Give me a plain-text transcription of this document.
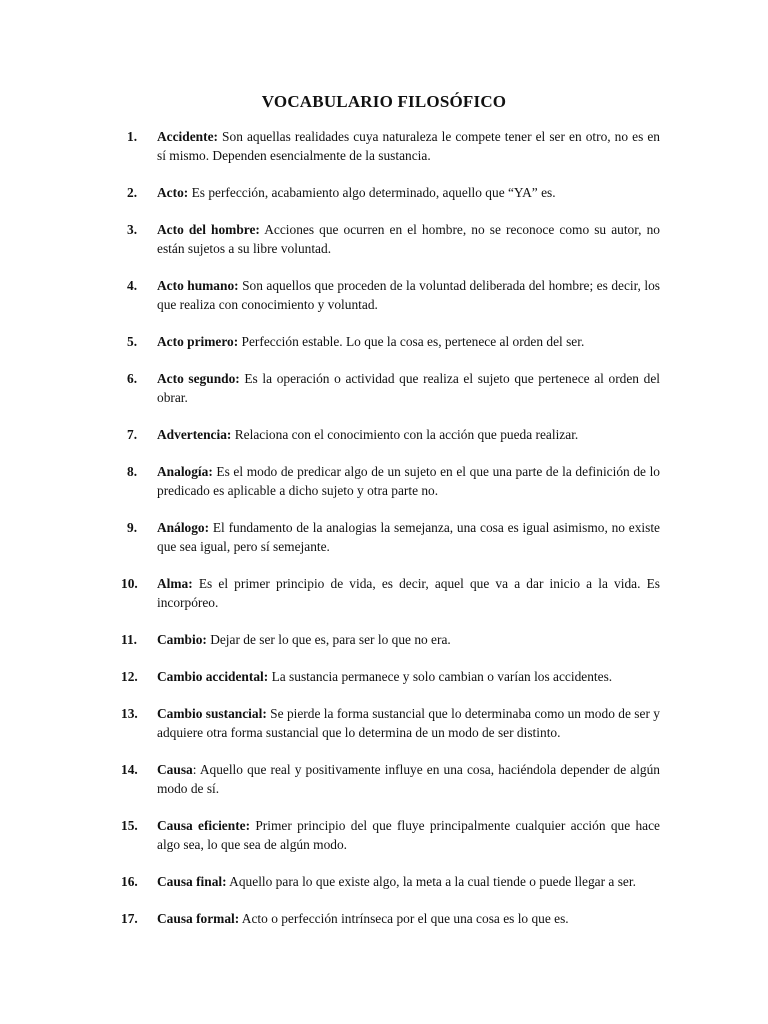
VOCABULARIO FILOSÓFICO
1.	Accidente: Son aquellas realidades cuya naturaleza le compete tener el ser en otro, no es en sí mismo. Dependen esencialmente de la sustancia.
2.	Acto: Es perfección, acabamiento algo determinado, aquello que “YA” es.
3.	Acto del hombre: Acciones que ocurren en el hombre, no se reconoce como su autor, no están sujetos a su libre voluntad.
4.	Acto humano: Son aquellos que proceden de la voluntad deliberada del hombre; es decir, los que realiza con conocimiento y voluntad.
5.	Acto primero: Perfección estable. Lo que la cosa es, pertenece al orden del ser.
6.	Acto segundo: Es la operación o actividad que realiza el sujeto que pertenece al orden del obrar.
7.	Advertencia: Relaciona con el conocimiento con la acción que pueda realizar.
8.	Analogía: Es el modo de predicar algo de un sujeto en el que una parte de la definición de lo predicado es aplicable a dicho sujeto y otra parte no.
9.	Análogo: El fundamento de la analogias la semejanza, una cosa es igual asimismo, no existe que sea igual, pero sí semejante.
10.	Alma: Es el primer principio de vida, es decir, aquel que va a dar inicio a la vida. Es incorpóreo.
11.	Cambio: Dejar de ser lo que es, para ser lo que no era.
12.	Cambio accidental: La sustancia permanece y solo cambian o varían los accidentes.
13.	Cambio sustancial: Se pierde la forma sustancial que lo determinaba como un modo de ser y adquiere otra forma sustancial que lo determina de un modo de ser distinto.
14.	Causa: Aquello que real y positivamente influye en una cosa, haciéndola depender de algún modo de sí.
15.	Causa eficiente: Primer principio del que fluye principalmente cualquier acción que hace algo sea, lo que sea de algún modo.
16.	Causa final: Aquello para lo que existe algo, la meta a la cual tiende o puede llegar a ser.
17.	Causa formal: Acto o perfección intrínseca por el que una cosa es lo que es.
